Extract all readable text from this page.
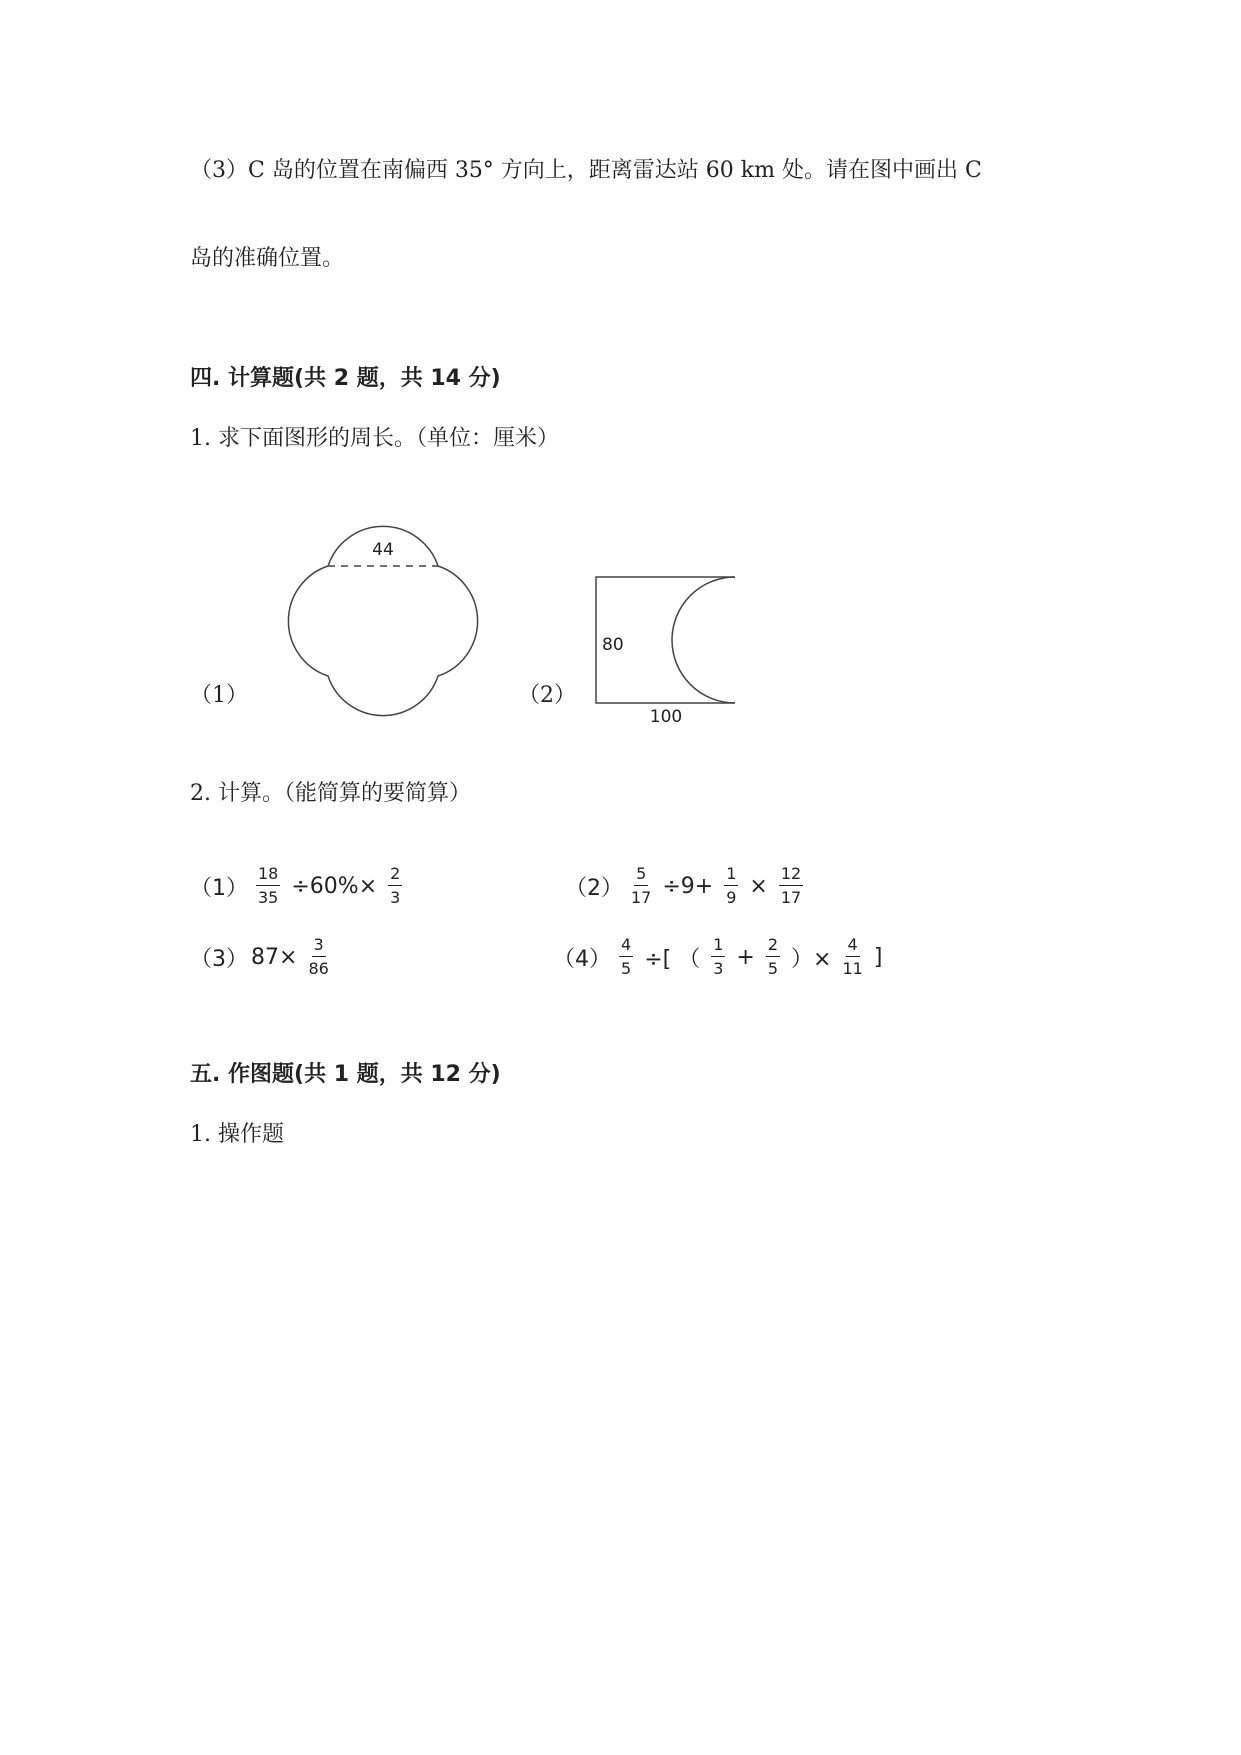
（3）C 岛的位置在南偏西 35° 方向上，距离雷达站 60 km 处。请在图中画出 C
岛的准确位置。
四. 计算题(共 2 题，共 14 分)
1. 求下面图形的周长。（单位：厘米）
（1）
44
（2）
80
100
2. 计算。（能简算的要简算）
$(1) \frac{18}{35} \div 60\%\times \frac{2}{3}$	$(2) \frac{5}{17} \div 9+ \frac{1}{9} \times \frac{12}{17}$
（3） $87\times \frac{3}{86}$	$(4) \frac{4}{5}$ ÷[ （ $\frac{1}{3} + \frac{2}{5}$ ）× $\frac{4}{11}$ ]
五. 作图题(共 1 题，共 12 分)
1. 操作题
